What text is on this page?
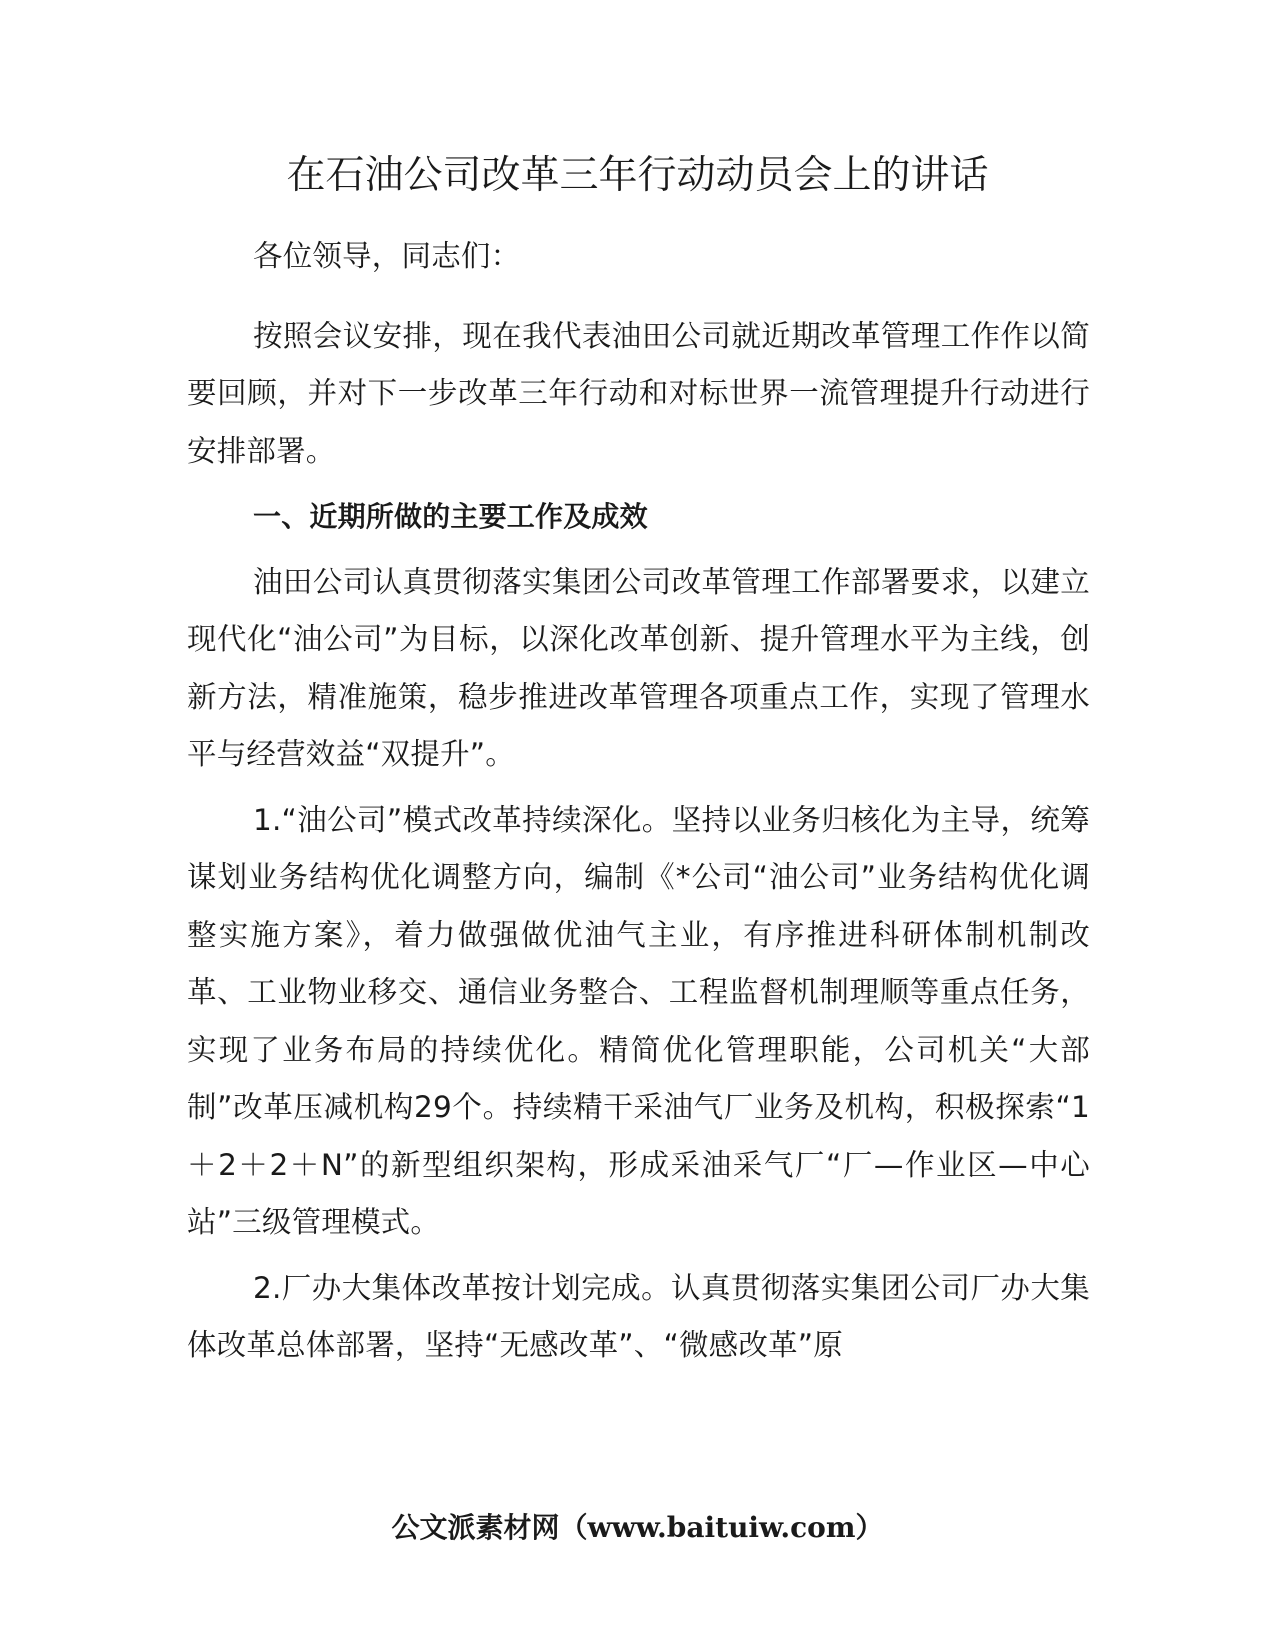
在石油公司改革三年行动动员会上的讲话

各位领导，同志们：

按照会议安排，现在我代表油田公司就近期改革管理工作作以简要回顾，并对下一步改革三年行动和对标世界一流管理提升行动进行安排部署。

一、近期所做的主要工作及成效

油田公司认真贯彻落实集团公司改革管理工作部署要求，以建立现代化“油公司”为目标，以深化改革创新、提升管理水平为主线，创新方法，精准施策，稳步推进改革管理各项重点工作，实现了管理水平与经营效益“双提升”。

1.“油公司”模式改革持续深化。坚持以业务归核化为主导，统筹谋划业务结构优化调整方向，编制《*公司“油公司”业务结构优化调整实施方案》，着力做强做优油气主业，有序推进科研体制机制改革、工业物业移交、通信业务整合、工程监督机制理顺等重点任务，实现了业务布局的持续优化。精简优化管理职能，公司机关“大部制”改革压减机构29个。持续精干采油气厂业务及机构，积极探索“1＋2＋2＋N”的新型组织架构，形成采油采气厂“厂—作业区—中心站”三级管理模式。

2.厂办大集体改革按计划完成。认真贯彻落实集团公司厂办大集体改革总体部署，坚持“无感改革”、“微感改革”原

公文派素材网（www.baituiw.com）
